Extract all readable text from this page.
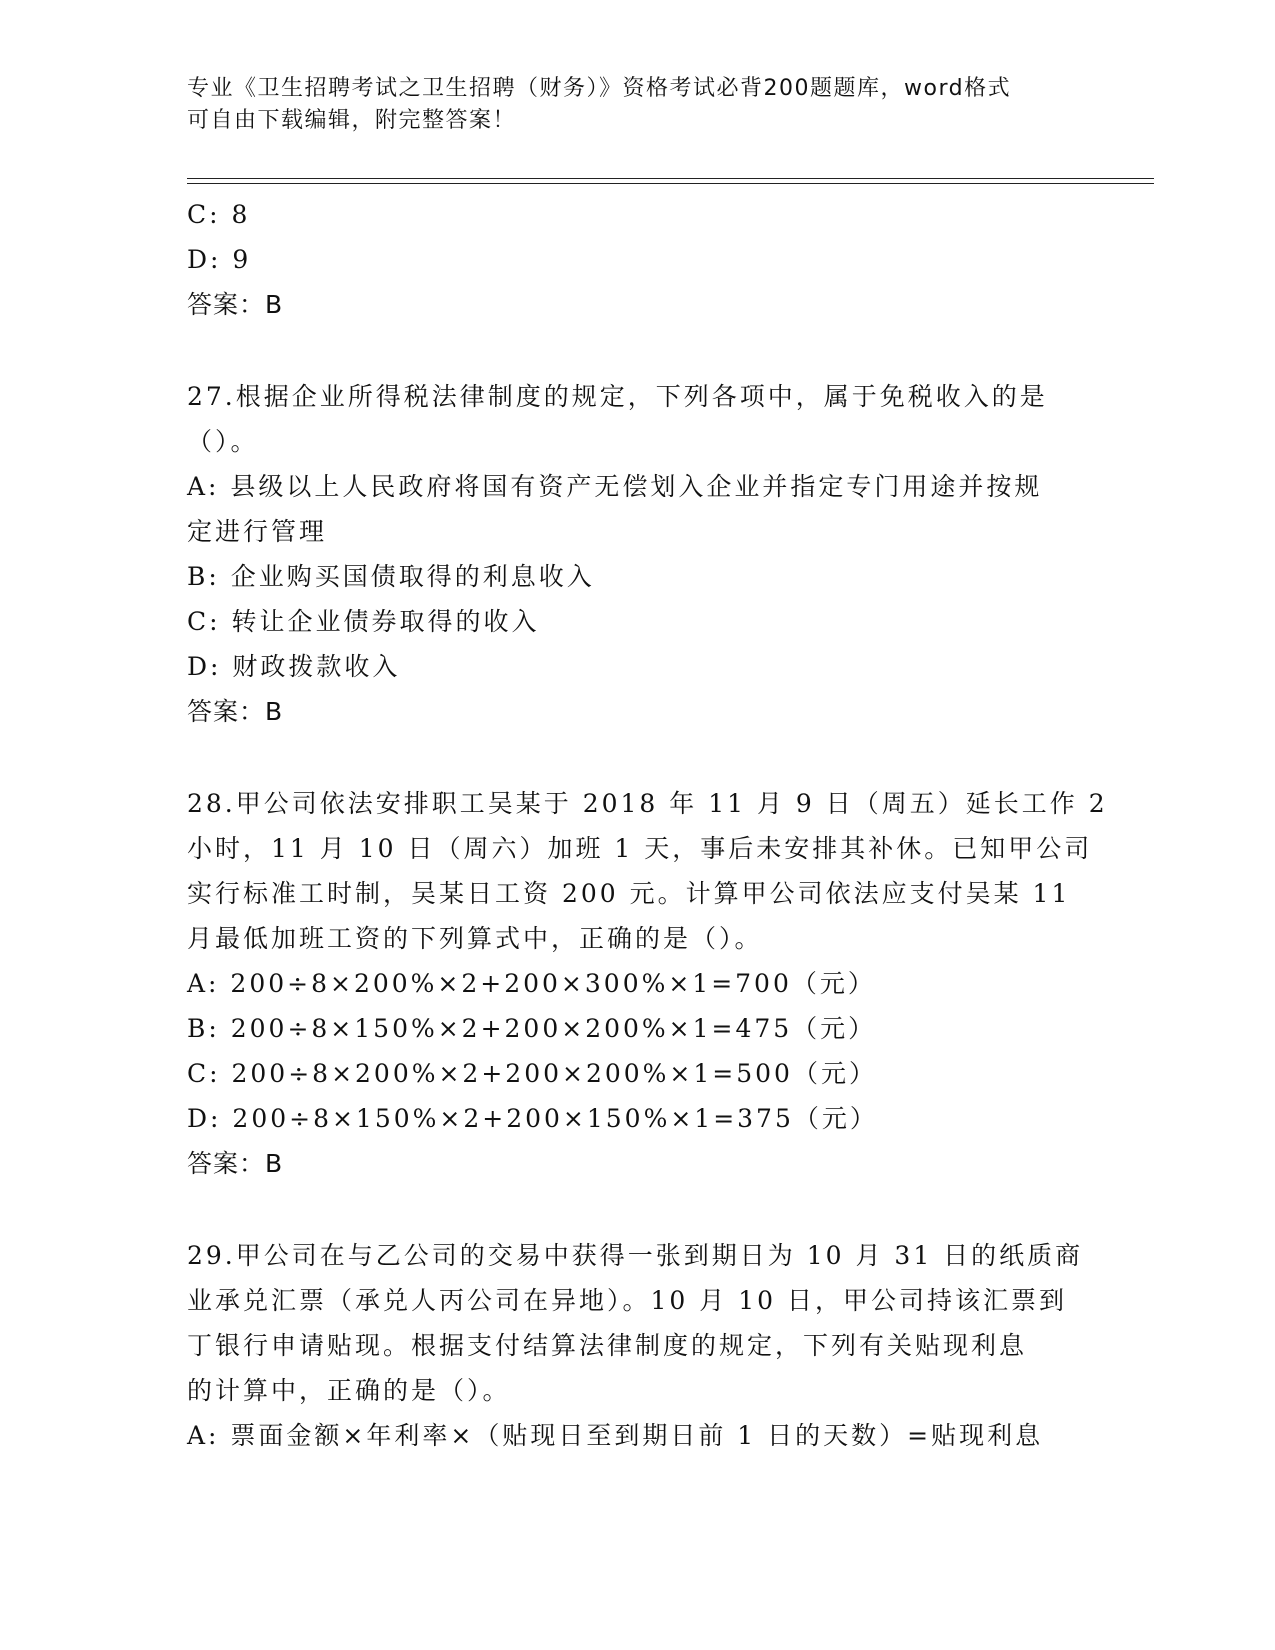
专业《卫生招聘考试之卫生招聘（财务）》资格考试必背200题题库，word格式
可自由下载编辑，附完整答案！
C: 8
D: 9
答案：B
27.根据企业所得税法律制度的规定，下列各项中，属于免税收入的是
（）。
A: 县级以上人民政府将国有资产无偿划入企业并指定专门用途并按规
定进行管理
B: 企业购买国债取得的利息收入
C: 转让企业债券取得的收入
D: 财政拨款收入
答案：B
28.甲公司依法安排职工吴某于 2018 年 11 月 9 日（周五）延长工作 2
小时，11 月 10 日（周六）加班 1 天，事后未安排其补休。已知甲公司
实行标准工时制，吴某日工资 200 元。计算甲公司依法应支付吴某 11
月最低加班工资的下列算式中，正确的是（）。
A: 200÷8×200%×2+200×300%×1=700（元）
B: 200÷8×150%×2+200×200%×1=475（元）
C: 200÷8×200%×2+200×200%×1=500（元）
D: 200÷8×150%×2+200×150%×1=375（元）
答案：B
29.甲公司在与乙公司的交易中获得一张到期日为 10 月 31 日的纸质商
业承兑汇票（承兑人丙公司在异地）。10 月 10 日，甲公司持该汇票到
丁银行申请贴现。根据支付结算法律制度的规定，下列有关贴现利息
的计算中，正确的是（）。
A: 票面金额×年利率×（贴现日至到期日前 1 日的天数）=贴现利息
